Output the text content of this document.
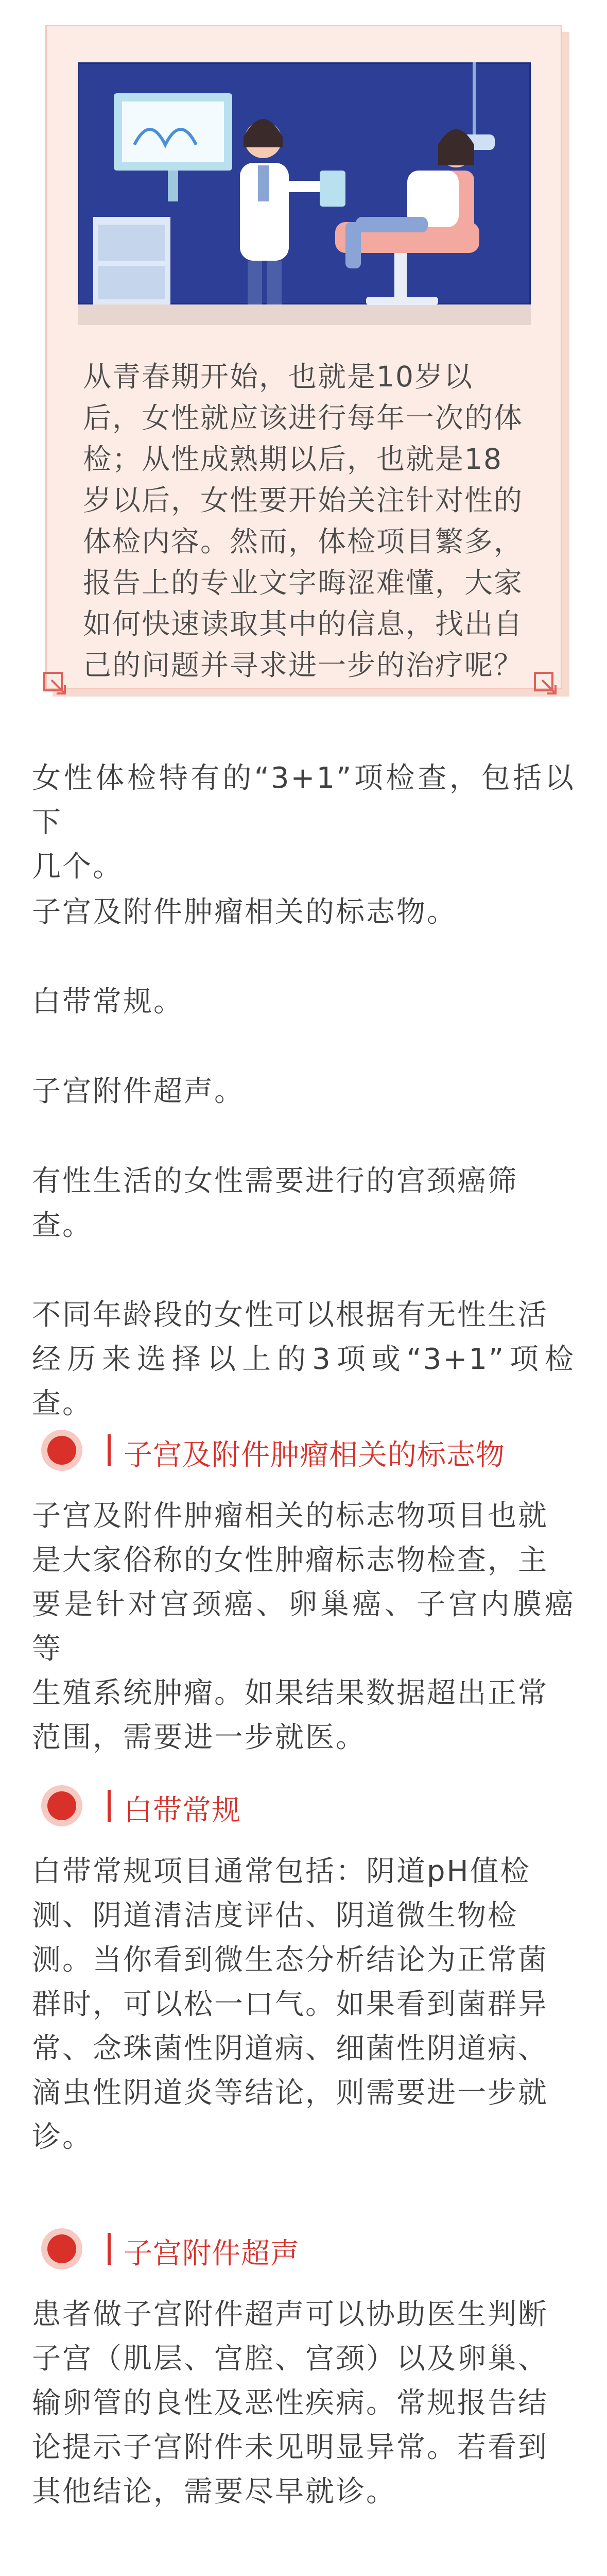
从青春期开始，也就是10岁以
后，女性就应该进行每年一次的体
检；从性成熟期以后，也就是18
岁以后，女性要开始关注针对性的
体检内容。然而，体检项目繁多，
报告上的专业文字晦涩难懂，大家
如何快速读取其中的信息，找出自
己的问题并寻求进一步的治疗呢？
女性体检特有的“3+1”项检查，包括以下
几个。
子宫及附件肿瘤相关的标志物。
白带常规。
子宫附件超声。
有性生活的女性需要进行的宫颈癌筛
查。
不同年龄段的女性可以根据有无性生活
经历来选择以上的3项或“3+1”项检查。
子宫及附件肿瘤相关的标志物
子宫及附件肿瘤相关的标志物项目也就
是大家俗称的女性肿瘤标志物检查，主
要是针对宫颈癌、卵巢癌、子宫内膜癌等
生殖系统肿瘤。如果结果数据超出正常
范围，需要进一步就医。
白带常规
白带常规项目通常包括：阴道pH值检
测、阴道清洁度评估、阴道微生物检
测。当你看到微生态分析结论为正常菌
群时，可以松一口气。如果看到菌群异
常、念珠菌性阴道病、细菌性阴道病、
滴虫性阴道炎等结论，则需要进一步就
诊。
子宫附件超声
患者做子宫附件超声可以协助医生判断
子宫（肌层、宫腔、宫颈）以及卵巢、
输卵管的良性及恶性疾病。常规报告结
论提示子宫附件未见明显异常。若看到
其他结论，需要尽早就诊。
